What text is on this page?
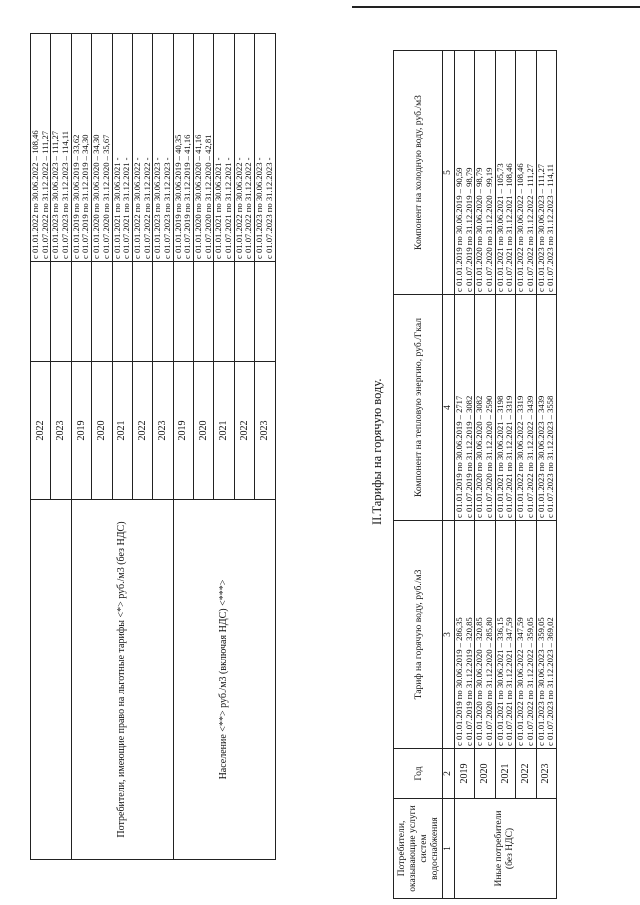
	2022		с 01.01.2022 по 30.06.2022 – 108,46 с 01.07.2022 по 31.12.2022 – 111,27

	2023		с 01.01.2023 по 30.06.2023 – 111,27 с 01.07.2023 по 31.12.2023 – 114,11

Потребители, имеющие право на льготные тарифы <*> руб./м3 (без НДС)	2019		с 01.01.2019 по 30.06.2019 – 33,62 с 01.07.2019 по 31.12.2019 – 34,30

	2020		с 01.01.2020 по 30.06.2020 – 34,30 с 01.07.2020 по 31.12.2020 – 35,67

	2021		с 01.01.2021 по 30.06.2021 - с 01.07.2021 по 31.12.2021 -

	2022		с 01.01.2022 по 30.06.2022 - с 01.07.2022 по 31.12.2022 -

	2023		с 01.01.2023 по 30.06.2023 - с 01.07.2023 по 31.12.2023 -

Население <**> руб./м3 (включая НДС) <***>	2019		с 01.01.2019 по 30.06.2019 – 40,35 с 01.07.2019 по 31.12.2019 – 41,16

	2020		с 01.01.2020 по 30.06.2020 – 41,16 с 01.07.2020 по 31.12.2020 – 42,81

	2021		с 01.01.2021 по 30.06.2021 - с 01.07.2021 по 31.12.2021 -

	2022		с 01.01.2022 по 30.06.2022 - с 01.07.2022 по 31.12.2022 -

	2023		с 01.01.2023 по 30.06.2023 - с 01.07.2023 по 31.12.2023 -
II.Тарифы на горячую воду.
Потребители, оказывающие услуги систем водоснабжения	Год	Тариф на горячую воду, руб./м3	Компонент на тепловую энергию, руб./Гкал	Компонент на холодную воду, руб./м3
1	2	3	4	5
Иные потребители (без НДС)	2019	с 01.01.2019 по 30.06.2019 – 286,35 с 01.07.2019 по 31.12.2019 – 320,85	с 01.01.2019 по 30.06.2019 – 2717 с 01.07.2019 по 31.12.2019 – 3082	с 01.01.2019 по 30.06.2019 – 90,59 с 01.07.2019 по 31.12.2019 – 98,79

	2020	с 01.01.2020 по 30.06.2020 – 320,85 с 01.07.2020 по 31.12.2020 – 285,80	с 01.01.2020 по 30.06.2020 – 3082 с 01.07.2020 по 31.12.2020 – 2590	с 01.01.2020 по 30.06.2020 – 98,79 с 01.07.2020 по 31.12.2020 – 99,19

	2021	с 01.01.2021 по 30.06.2021 – 336,15 с 01.07.2021 по 31.12.2021 – 347,59	с 01.01.2021 по 30.06.2021 – 3198 с 01.07.2021 по 31.12.2021 – 3319	с 01.01.2021 по 30.06.2021 – 105,73 с 01.07.2021 по 31.12.2021 – 108,46

	2022	с 01.01.2022 по 30.06.2022 – 347,59 с 01.07.2022 по 31.12.2022 – 359,05	с 01.01.2022 по 30.06.2022 – 3319 с 01.07.2022 по 31.12.2022 – 3439	с 01.01.2022 по 30.06.2022 – 108,46 с 01.07.2022 по 31.12.2022 – 111,27

	2023	с 01.01.2023 по 30.06.2023 – 359,05 с 01.07.2023 по 31.12.2023 – 369,02	с 01.01.2023 по 30.06.2023 – 3439 с 01.07.2023 по 31.12.2023 – 3558	с 01.01.2023 по 30.06.2023 – 111,27 с 01.07.2023 по 31.12.2023 – 114,11
